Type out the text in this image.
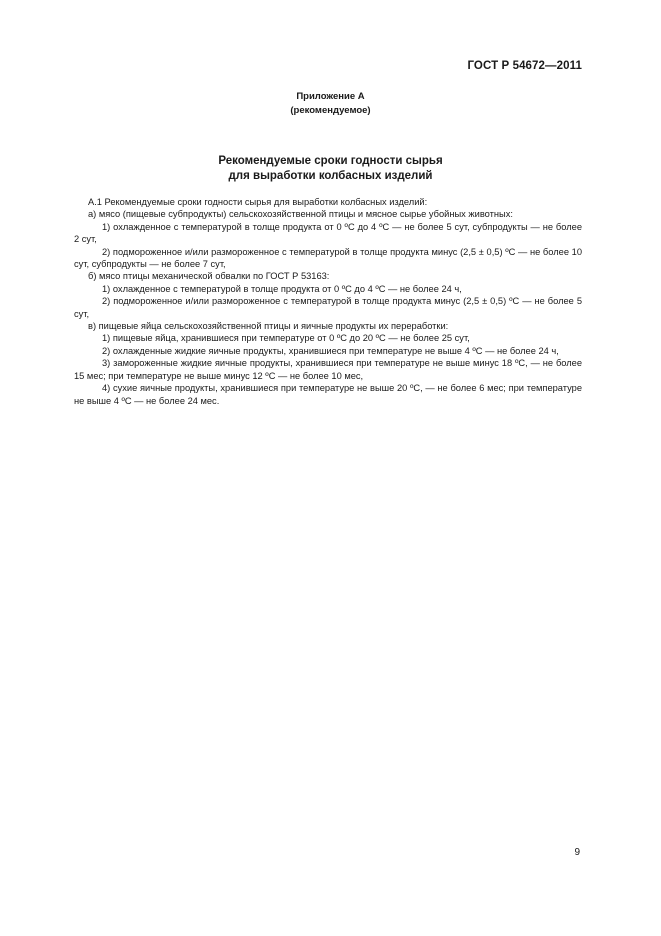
ГОСТ Р 54672—2011
Приложение А
(рекомендуемое)
Рекомендуемые сроки годности сырья
для выработки колбасных изделий

А.1 Рекомендуемые сроки годности сырья для выработки колбасных изделий:

а) мясо (пищевые субпродукты) сельскохозяйственной птицы и мясное сырье убойных животных:

1) охлажденное с температурой в толще продукта от 0 ºС до 4 ºС — не более 5 сут, субпродукты — не более 2 сут,

2) подмороженное и/или размороженное с температурой в толще продукта минус (2,5 ± 0,5) ºС — не более 10 сут, субпродукты — не более 7 сут,

б) мясо птицы механической обвалки по ГОСТ Р 53163:

1) охлажденное с температурой в толще продукта от 0 ºС до 4 ºС — не более 24 ч,

2) подмороженное и/или размороженное с температурой в толще продукта минус (2,5 ± 0,5) ºС — не более 5 сут,

в) пищевые яйца сельскохозяйственной птицы и яичные продукты их переработки:

1) пищевые яйца, хранившиеся при температуре от 0 ºС до 20 ºС — не более 25 сут,

2) охлажденные жидкие яичные продукты, хранившиеся при температуре не выше 4 ºС — не более 24 ч,

3) замороженные жидкие яичные продукты, хранившиеся при температуре не выше минус 18 ºС, — не более 15 мес; при температуре не выше минус 12 ºС — не более 10 мес,

4) сухие яичные продукты, хранившиеся при температуре не выше 20 ºС, — не более 6 мес; при температуре не выше 4 ºС — не более 24 мес.

9
